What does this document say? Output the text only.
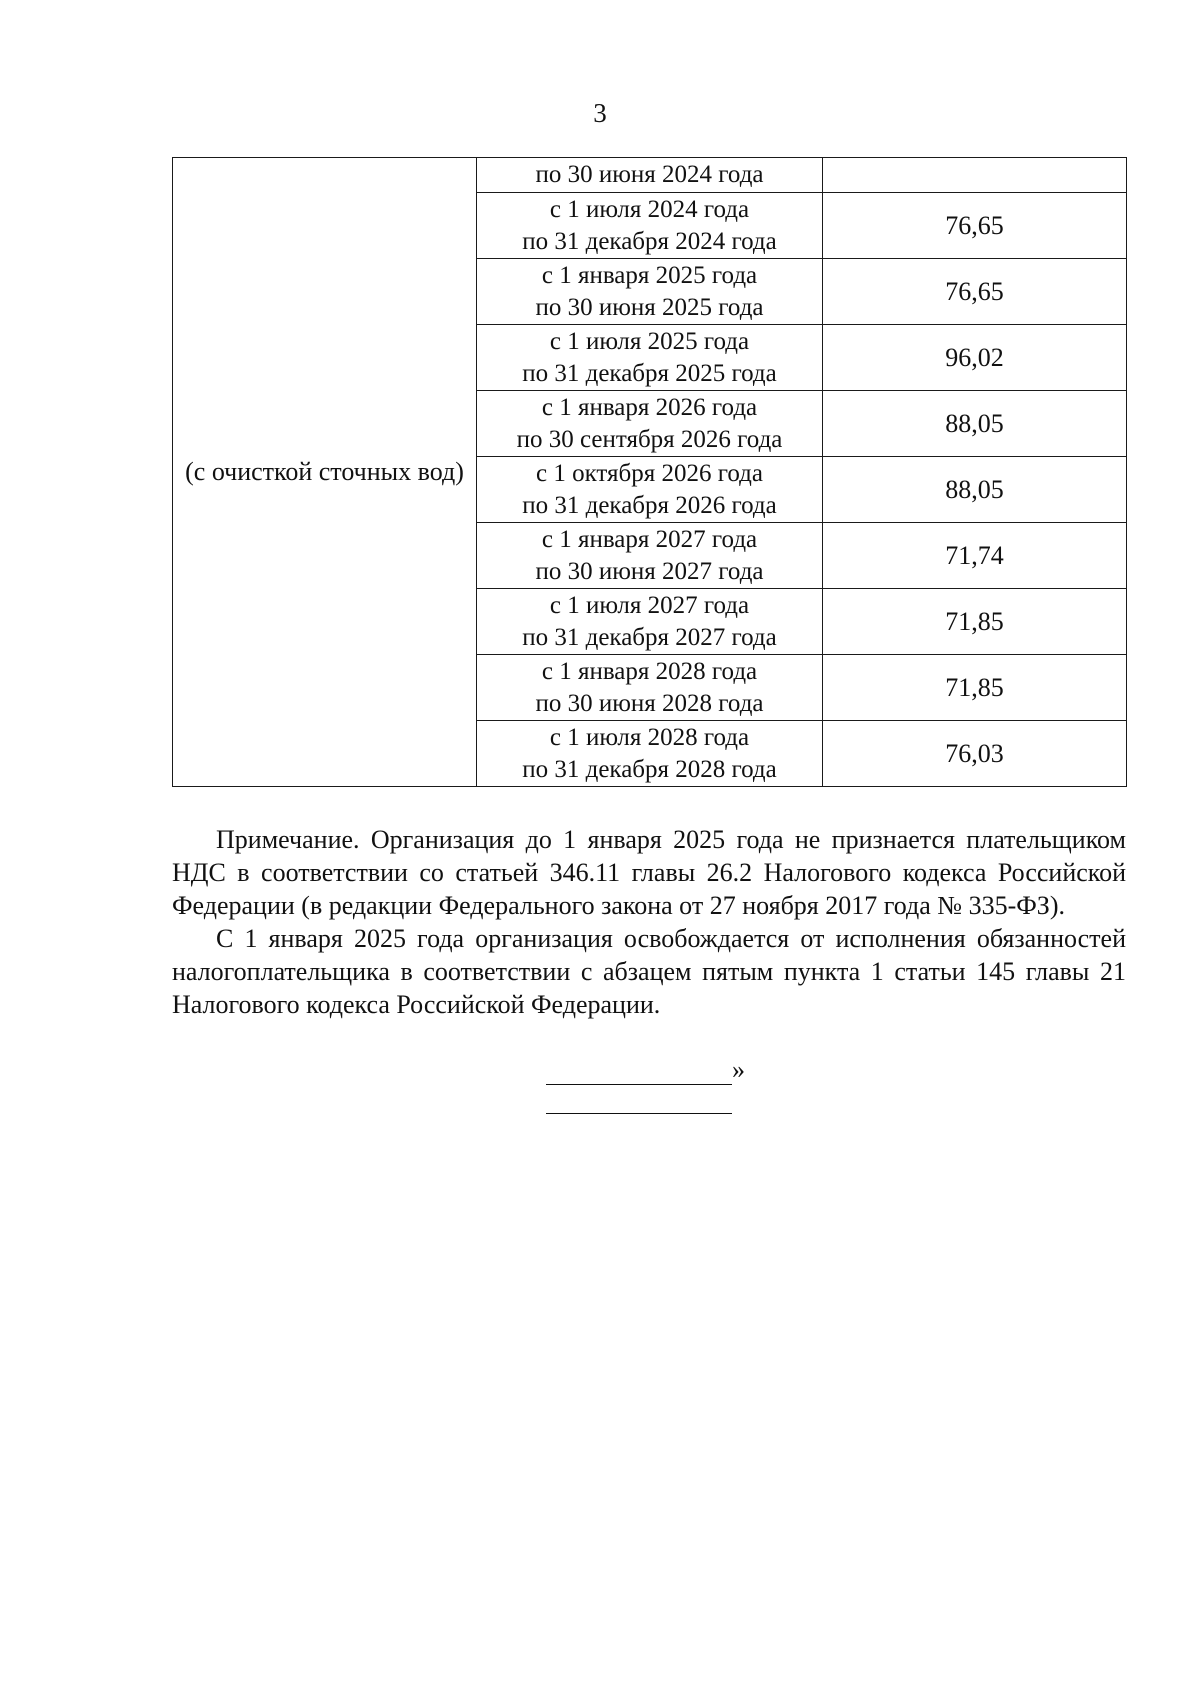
3
(с очисткой сточных вод)	по 30 июня 2024 года	

	с 1 июля 2024 года
по 31 декабря 2024 года	76,65

	с 1 января 2025 года
по 30 июня 2025 года	76,65

	с 1 июля 2025 года
по 31 декабря 2025 года	96,02

	с 1 января 2026 года
по 30 сентября 2026 года	88,05

	с 1 октября 2026 года
по 31 декабря 2026 года	88,05

	с 1 января 2027 года
по 30 июня 2027 года	71,74

	с 1 июля 2027 года
по 31 декабря 2027 года	71,85

	с 1 января 2028 года
по 30 июня 2028 года	71,85

	с 1 июля 2028 года
по 31 декабря 2028 года	76,03

Примечание. Организация до 1 января 2025 года не признается плательщиком НДС в соответствии со статьей 346.11 главы 26.2 Налогового кодекса Российской Федерации (в редакции Федерального закона от 27 ноября 2017 года № 335-ФЗ).

С 1 января 2025 года организация освобождается от исполнения обязанностей налогоплательщика в соответствии с абзацем пятым пункта 1 статьи 145 главы 21 Налогового кодекса Российской Федерации.

»
